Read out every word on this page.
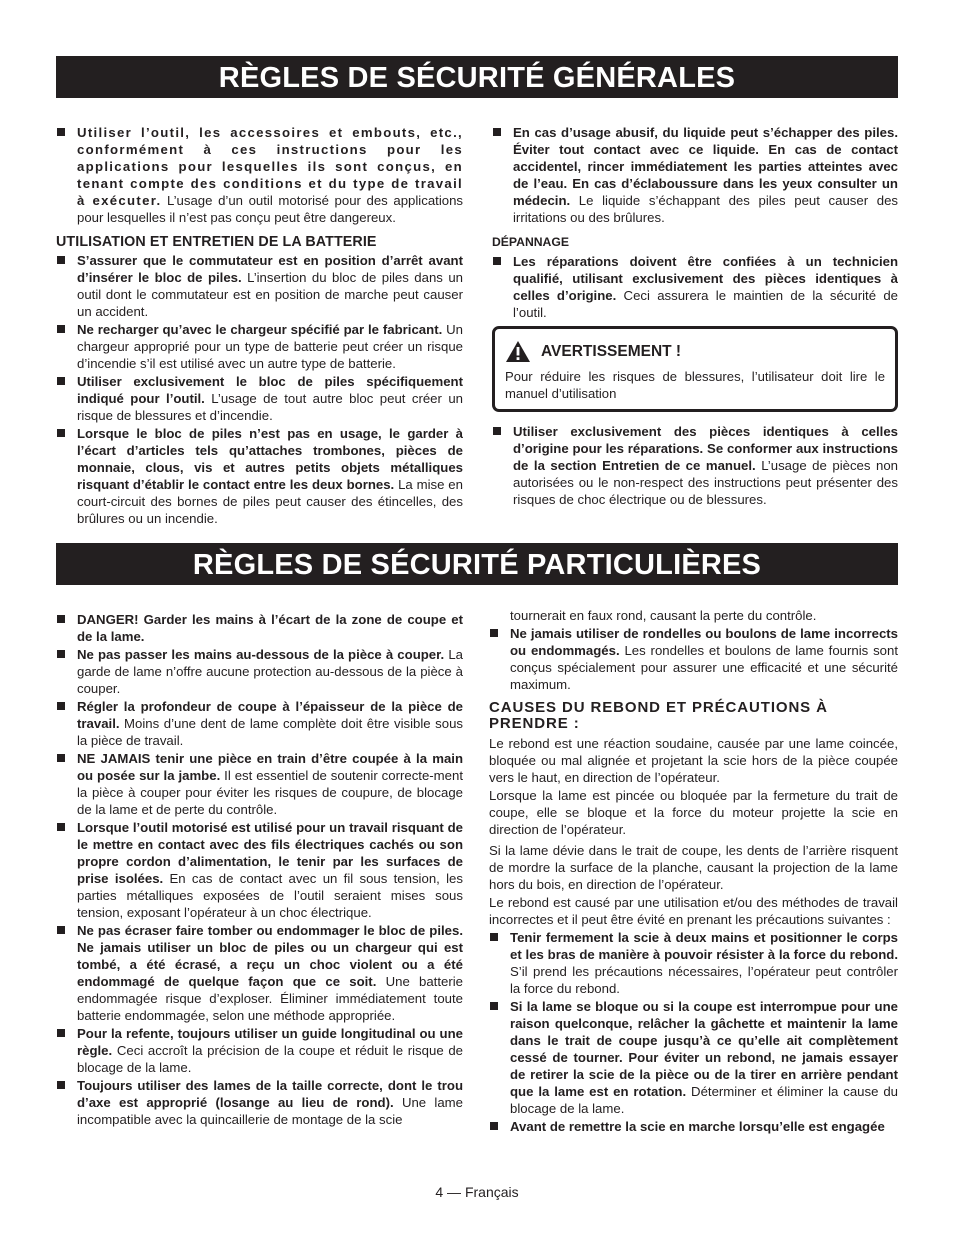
RÈGLES DE SÉCURITÉ GÉNÉRALES
Utiliser l’outil, les accessoires et embouts, etc., conformément à ces instructions pour les applications pour lesquelles ils sont conçus, en tenant compte des conditions et du type de travail à exécuter. L’usage d’un outil motorisé pour des applications pour lesquelles il n’est pas conçu peut être dangereux.
UTILISATION ET ENTRETIEN DE LA BATTERIE
S’assurer que le commutateur est en position d’arrêt avant d’insérer le bloc de piles. L’insertion du bloc de piles dans un outil dont le commutateur est en position de marche peut causer un accident.
Ne recharger qu’avec le chargeur spécifié par le fabricant. Un chargeur approprié pour un type de batterie peut créer un risque d’incendie s’il est utilisé avec un autre type de batterie.
Utiliser exclusivement le bloc de piles spécifiquement indiqué pour l’outil. L’usage de tout autre bloc peut créer un risque de blessures et d’incendie.
Lorsque le bloc de piles n’est pas en usage, le garder à l’écart d’articles tels qu’attaches trombones, pièces de monnaie, clous, vis et autres petits objets métalliques risquant d’établir le contact entre les deux bornes. La mise en court-circuit des bornes de piles peut causer des étincelles, des brûlures ou un incendie.
En cas d’usage abusif, du liquide peut s’échapper des piles. Éviter tout contact avec ce liquide. En cas de contact accidentel, rincer immédiatement les parties atteintes avec de l’eau. En cas d’éclaboussure dans les yeux consulter un médecin. Le liquide s’échappant des piles peut causer des irritations ou des brûlures.
DÉPANNAGE
Les réparations doivent être confiées à un technicien qualifié, utilisant exclusivement des pièces identiques à celles d’origine. Ceci assurera le maintien de la sécurité de l’outil.
AVERTISSEMENT !
Pour réduire les risques de blessures, l’utilisateur doit lire le manuel d’utilisation
Utiliser exclusivement des pièces identiques à celles d’origine pour les réparations. Se conformer aux instructions de la section Entretien de ce manuel. L’usage de pièces non autorisées ou le non-respect des instructions peut présenter des risques de choc électrique ou de blessures.
RÈGLES DE SÉCURITÉ PARTICULIÈRES
DANGER! Garder les mains à l’écart de la zone de coupe et de la lame.
Ne pas passer les mains au-dessous de la pièce à couper. La garde de lame n’offre aucune protection au-dessous de la pièce à couper.
Régler la profondeur de coupe à l’épaisseur de la pièce de travail. Moins d’une dent de lame complète doit être visible sous la pièce de travail.
NE JAMAIS tenir une pièce en train d’être coupée à la main ou posée sur la jambe. Il est essentiel de soutenir correcte-ment la pièce à couper pour éviter les risques de coupure, de blocage de la lame et de perte du contrôle.
Lorsque l’outil motorisé est utilisé pour un travail risquant de le mettre en contact avec des fils électriques cachés ou son propre cordon d’alimentation, le tenir par les surfaces de prise isolées. En cas de contact avec un fil sous tension, les parties métalliques exposées de l’outil seraient mises sous tension, exposant l’opérateur à un choc électrique.
Ne pas écraser faire tomber ou endommager le bloc de piles. Ne jamais utiliser un bloc de piles ou un chargeur qui est tombé, a été écrasé, a reçu un choc violent ou a été endommagé de quelque façon que ce soit. Une batterie endommagée risque d’exploser. Éliminer immédiatement toute batterie endommagée, selon une méthode appropriée.
Pour la refente, toujours utiliser un guide longitudinal ou une règle. Ceci accroît la précision de la coupe et réduit le risque de blocage de la lame.
Toujours utiliser des lames de la taille correcte, dont le trou d’axe est approprié (losange au lieu de rond). Une lame incompatible avec la quincaillerie de montage de la scie
tournerait en faux rond, causant la perte du contrôle.
Ne jamais utiliser de rondelles ou boulons de lame incorrects ou endommagés. Les rondelles et boulons de lame fournis sont conçus spécialement pour assurer une efficacité et une sécurité maximum.
CAUSES DU REBOND ET PRÉCAUTIONS À PRENDRE :
Le rebond est une réaction soudaine, causée par une lame coincée, bloquée ou mal alignée et projetant la scie hors de la pièce coupée vers le haut, en direction de l’opérateur.
Lorsque la lame est pincée ou bloquée par la fermeture du trait de coupe, elle se bloque et la force du moteur projette la scie en direction de l’opérateur.
Si la lame dévie dans le trait de coupe, les dents de l’arrière risquent de mordre la surface de la planche, causant la projection de la lame hors du bois, en direction de l’opérateur.
Le rebond est causé par une utilisation et/ou des méthodes de travail incorrectes et il peut être évité en prenant les précautions suivantes :
Tenir fermement la scie à deux mains et positionner le corps et les bras de manière à pouvoir résister à la force du rebond. S’il prend les précautions nécessaires, l’opérateur peut contrôler la force du rebond.
Si la lame se bloque ou si la coupe est interrompue pour une raison quelconque, relâcher la gâchette et maintenir la lame dans le trait de coupe jusqu’à ce qu’elle ait complètement cessé de tourner. Pour éviter un rebond, ne jamais essayer de retirer la scie de la pièce ou de la tirer en arrière pendant que la lame est en rotation. Déterminer et éliminer la cause du blocage de la lame.
Avant de remettre la scie en marche lorsqu’elle est engagée
4 — Français
